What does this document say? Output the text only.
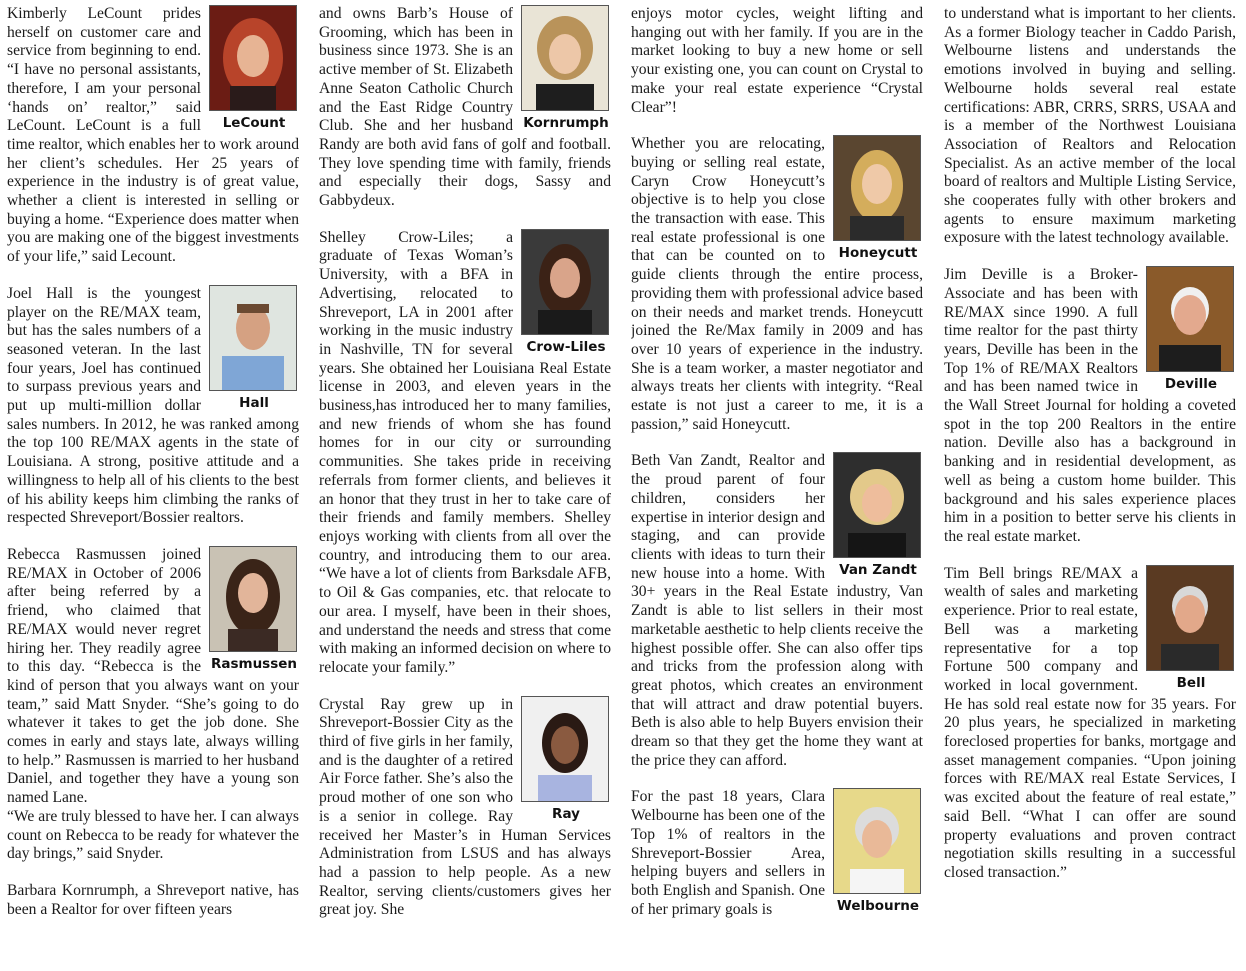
LeCount
Kimberly LeCount prides herself on customer care and service from beginning to end. “I have no personal assistants, therefore, I am your personal ‘hands on’ realtor,” said LeCount. LeCount is a full time realtor, which enables her to work around her client’s schedules. Her 25 years of experience in the industry is of great value, whether a client is interested in selling or buying a home. “Experience does matter when you are making one of the biggest investments of your life,” said Lecount.

Hall
Joel Hall is the youngest player on the RE/MAX team, but has the sales numbers of a seasoned veteran. In the last four years, Joel has continued to surpass previous years and put up multi-million dollar sales numbers. In 2012, he was ranked among the top 100 RE/MAX agents in the state of Louisiana. A strong, positive attitude and a willingness to help all of his clients to the best of his ability keeps him climbing the ranks of respected Shreveport/Bossier realtors.

Rasmussen
Rebecca Rasmussen joined RE/MAX in October of 2006 after being referred by a friend, who claimed that RE/MAX would never regret hiring her. They readily agree to this day. “Rebecca is the kind of person that you always want on your team,” said Matt Snyder. “She’s going to do whatever it takes to get the job done. She comes in early and stays late, always willing to help.” Rasmussen is married to her husband Daniel, and together they have a young son named Lane.
“We are truly blessed to have her. I can always count on Rebecca to be ready for whatever the day brings,” said Snyder.

Barbara Kornrumph, a Shreveport native, has been a Realtor for over fifteen years

Kornrumph
and owns Barb’s House of Grooming, which has been in business since 1973. She is an active member of St. Elizabeth Anne Seaton Catholic Church and the East Ridge Country Club. She and her husband Randy are both avid fans of golf and football. They love spending time with family, friends and especially their dogs, Sassy and Gabbydeux.

Crow-Liles
Shelley Crow-Liles; a graduate of Texas Woman’s University, with a BFA in Advertising, relocated to Shreveport, LA in 2001 after working in the music industry in Nashville, TN for several years. She obtained her Louisiana Real Estate license in 2003, and eleven years in the business,has introduced her to many families, and new friends of whom she has found homes for in our city or surrounding communities. She takes pride in receiving referrals from former clients, and believes it an honor that they trust in her to take care of their friends and family members. Shelley enjoys working with clients from all over the country, and introducing them to our area. “We have a lot of clients from Barksdale AFB, to Oil & Gas companies, etc. that relocate to our area. I myself, have been in their shoes, and understand the needs and stress that come with making an informed decision on where to relocate your family.”

Ray
Crystal Ray grew up in Shreveport-Bossier City as the third of five girls in her family, and is the daughter of a retired Air Force father. She’s also the proud mother of one son who is a senior in college. Ray received her Master’s in Human Services Administration from LSUS and has always had a passion to help people. As a new Realtor, serving clients/customers gives her great joy. She

enjoys motor cycles, weight lifting and hanging out with her family. If you are in the market looking to buy a new home or sell your existing one, you can count on Crystal to make your real estate experience “Crystal Clear”!

Honeycutt
Whether you are relocating, buying or selling real estate, Caryn Crow Honeycutt’s objective is to help you close the transaction with ease. This real estate professional is one that can be counted on to guide clients through the entire process, providing them with professional advice based on their needs and market trends. Honeycutt joined the Re/Max family in 2009 and has over 10 years of experience in the industry. She is a team worker, a master negotiator and always treats her clients with integrity. “Real estate is not just a career to me, it is a passion,” said Honeycutt.

Van Zandt
Beth Van Zandt, Realtor and the proud parent of four children, considers her expertise in interior design and staging, and can provide clients with ideas to turn their new house into a home. With 30+ years in the Real Estate industry, Van Zandt is able to list sellers in their most marketable aesthetic to help clients receive the highest possible offer. She can also offer tips and tricks from the profession along with great photos, which creates an environment that will attract and draw potential buyers. Beth is also able to help Buyers envision their dream so that they get the home they want at the price they can afford.

Welbourne
For the past 18 years, Clara Welbourne has been one of the Top 1% of realtors in the Shreveport-Bossier Area, helping buyers and sellers in both English and Spanish. One of her primary goals is

to understand what is important to her clients. As a former Biology teacher in Caddo Parish, Welbourne listens and understands the emotions involved in buying and selling. Welbourne holds several real estate certifications: ABR, CRRS, SRRS, USAA and is a member of the Northwest Louisiana Association of Realtors and Relocation Specialist. As an active member of the local board of realtors and Multiple Listing Service, she cooperates fully with other brokers and agents to ensure maximum marketing exposure with the latest technology available.

Deville
Jim Deville is a Broker-Associate and has been with RE/MAX since 1990. A full time realtor for the past thirty years, Deville has been in the Top 1% of RE/MAX Realtors and has been named twice in the Wall Street Journal for holding a coveted spot in the top 200 Realtors in the entire nation. Deville also has a background in banking and in residential development, as well as being a custom home builder. This background and his sales experience places him in a position to better serve his clients in the real estate market.

Bell
Tim Bell brings RE/MAX a wealth of sales and marketing experience. Prior to real estate, Bell was a marketing representative for a top Fortune 500 company and worked in local government. He has sold real estate now for 35 years. For 20 plus years, he specialized in marketing foreclosed properties for banks, mortgage and asset management companies. “Upon joining forces with RE/MAX real Estate Services, I was excited about the feature of real estate,” said Bell. “What I can offer are sound property evaluations and proven contract negotiation skills resulting in a successful closed transaction.”
